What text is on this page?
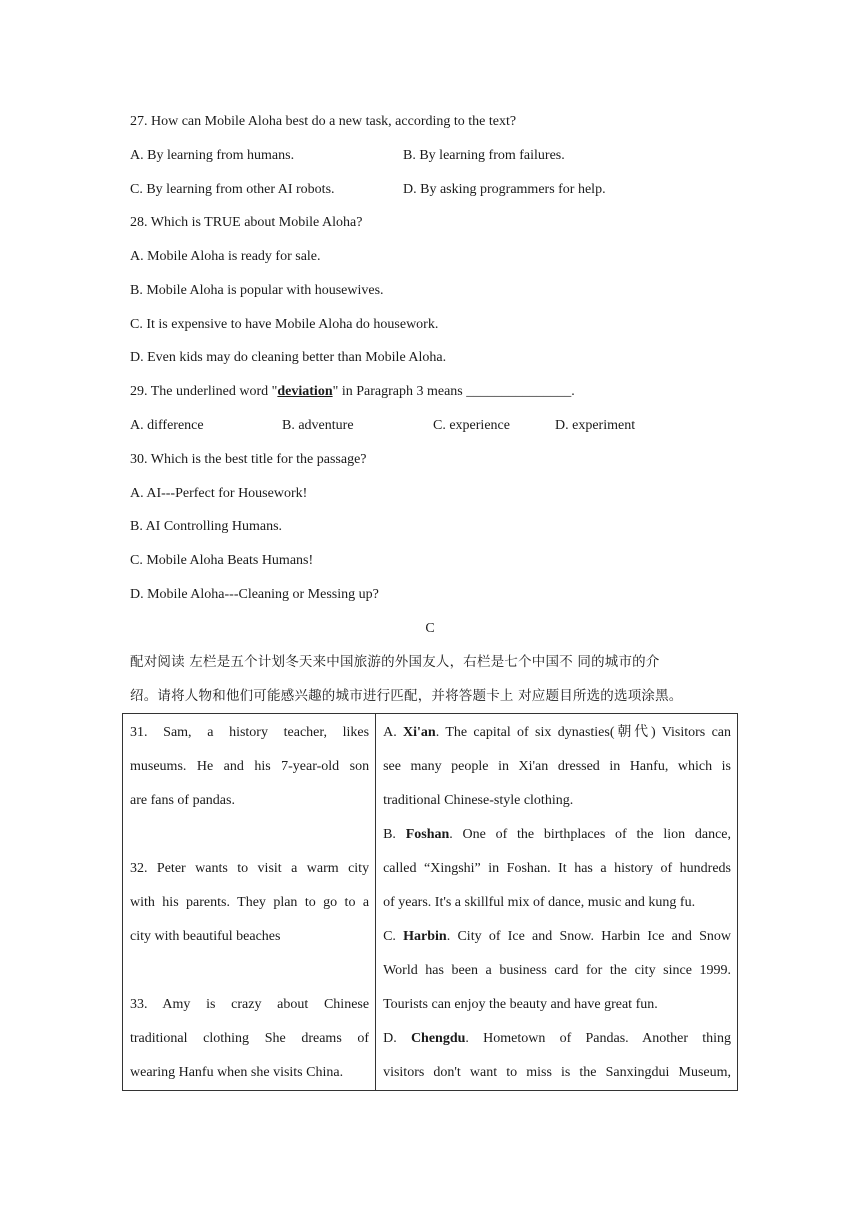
27. How can Mobile Aloha best do a new task, according to the text?
A. By learning from humans.	B. By learning from failures.
C. By learning from other AI robots.	D. By asking programmers for help.
28. Which is TRUE about Mobile Aloha?
A. Mobile Aloha is ready for sale.
B. Mobile Aloha is popular with housewives.
C. It is expensive to have Mobile Aloha do housework.
D. Even kids may do cleaning better than Mobile Aloha.
29. The underlined word "deviation" in Paragraph 3 means _______________.
A. difference	B. adventure	C. experience	D. experiment
30. Which is the best title for the passage?
A. AI---Perfect for Housework!
B. AI Controlling Humans.
C. Mobile Aloha Beats Humans!
D. Mobile Aloha---Cleaning or Messing up?
C
配对阅读 左栏是五个计划冬天来中国旅游的外国友人，右栏是七个中国不 同的城市的介
绍。请将人物和他们可能感兴趣的城市进行匹配，并将答题卡上 对应题目所选的选项涂黑。
31. Sam, a history teacher, likes
museums. He and his 7-year-old son
are fans of pandas.
32. Peter wants to visit a warm city
with his parents. They plan to go to a
city with beautiful beaches
33. Amy is crazy about Chinese
traditional clothing She dreams of
wearing Hanfu when she visits China.

A. Xi'an. The capital of six dynasties(朝代) Visitors can
see many people in Xi'an dressed in Hanfu, which is
traditional Chinese-style clothing.
B. Foshan. One of the birthplaces of the lion dance,
called “Xingshi” in Foshan. It has a history of hundreds
of years. It's a skillful mix of dance, music and kung fu.
C. Harbin. City of Ice and Snow. Harbin Ice and Snow
World has been a business card for the city since 1999.
Tourists can enjoy the beauty and have great fun.
D. Chengdu. Hometown of Pandas. Another thing
visitors don't want to miss is the Sanxingdui Museum,
